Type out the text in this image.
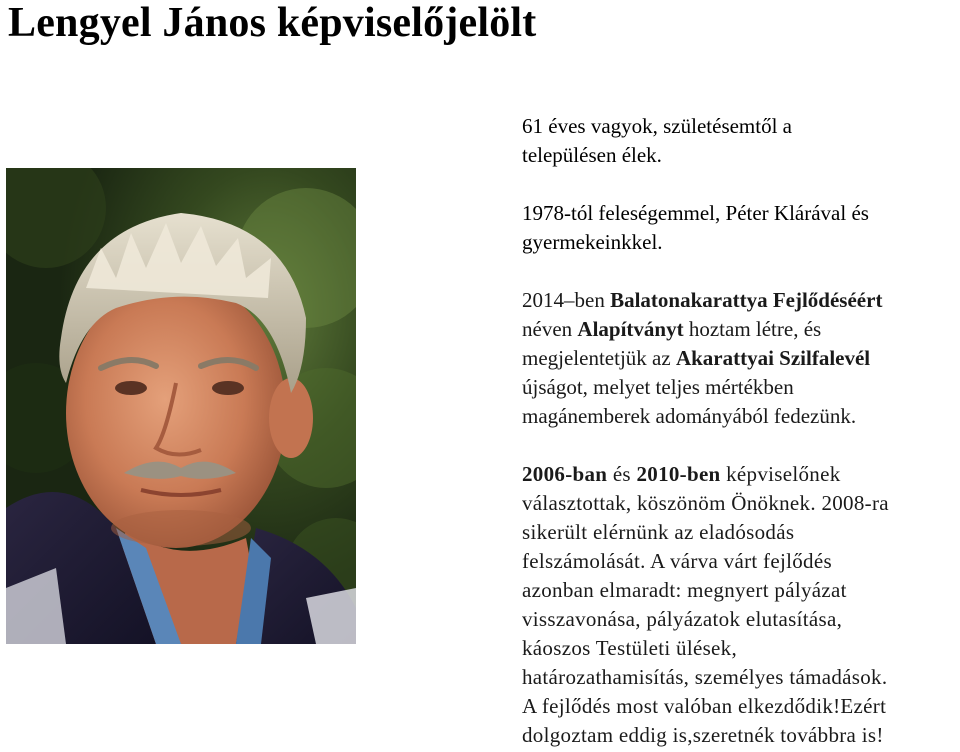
Lengyel János képviselőjelölt

61 éves vagyok, születésemtől a
településen élek.

1978-tól feleségemmel, Péter Klárával és
gyermekeinkkel.

2014–ben Balatonakarattya Fejlődéséért
néven Alapítványt hoztam létre, és
megjelentetjük az Akarattyai Szilfalevél
újságot, melyet teljes mértékben
magánemberek adományából fedezünk.

2006-ban és 2010-ben képviselőnek
választottak, köszönöm Önöknek. 2008-ra
sikerült elérnünk az eladósodás
felszámolását. A várva várt fejlődés
azonban elmaradt: megnyert pályázat
visszavonása, pályázatok elutasítása,
káoszos Testületi ülések,
határozathamisítás, személyes támadások.
A fejlődés most valóban elkezdődik!Ezért
dolgoztam eddig is,szeretnék továbbra is!
